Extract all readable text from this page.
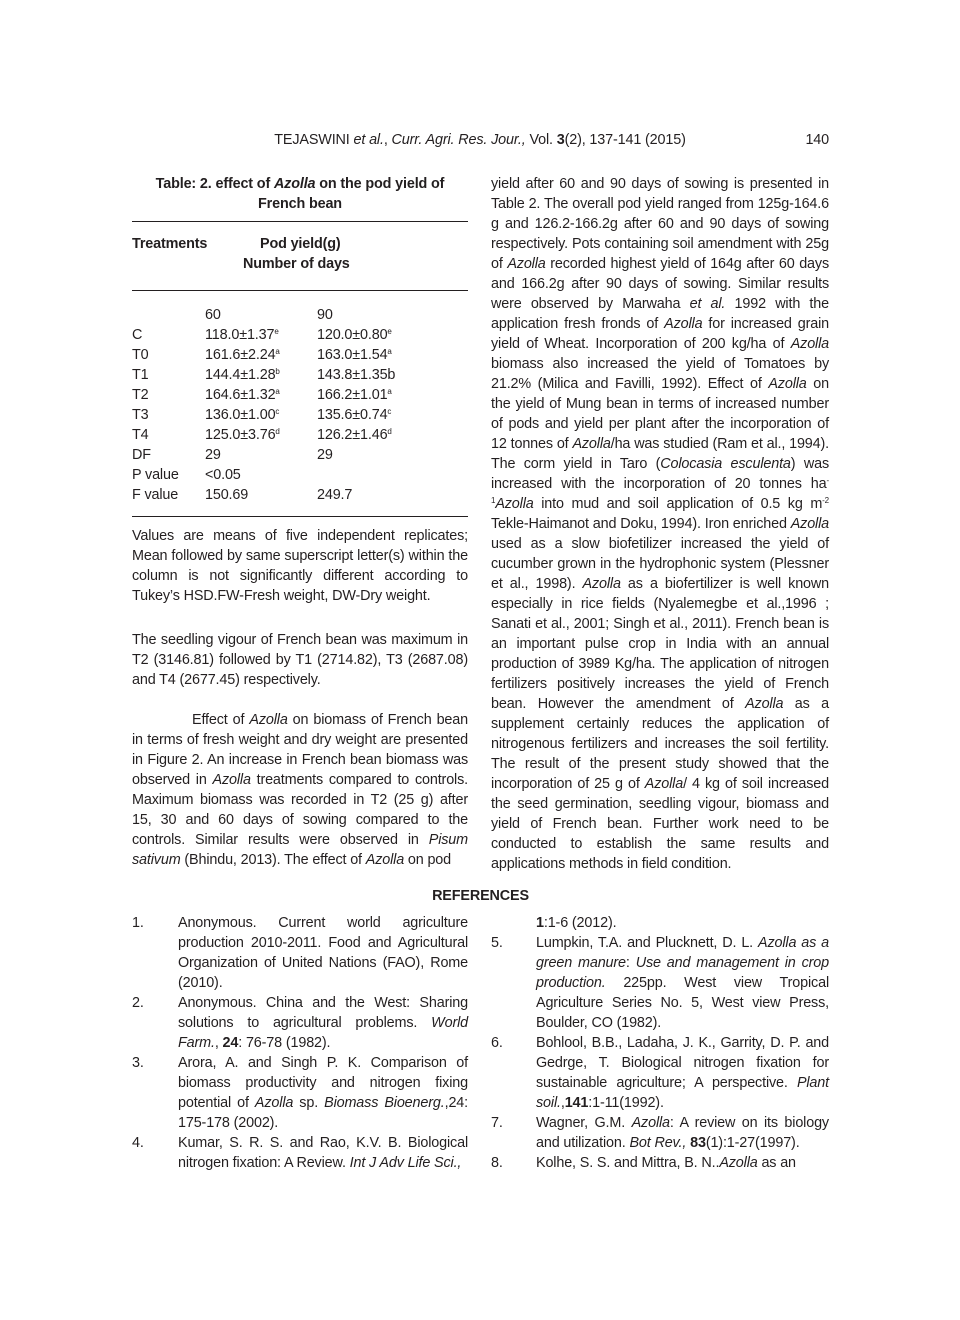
TEJASWINI et al., Curr. Agri. Res. Jour., Vol. 3(2), 137-141 (2015)	140
Table: 2. effect of Azolla on the pod yield of French bean
Treatments	Pod yield(g)
Number of days
60	90
C	118.0±1.37$^e$	120.0±0.80$^e$
T0	161.6±2.24$^a$	163.0±1.54$^a$
T1	144.4±1.28$^b$	143.8±1.35b
T2	164.6±1.32$^a$	166.2±1.01$^a$
T3	136.0±1.00$^c$	135.6±0.74$^c$
T4	125.0±3.76$^d$	126.2±1.46$^d$
DF	29	29
P value <0.05
F value 150.69	249.7
Values are means of five independent replicates; Mean followed by same superscript letter(s) within the column is not significantly different according to Tukey’s HSD.FW-Fresh weight, DW-Dry weight.
The seedling vigour of French bean was maximum in T2 (3146.81) followed by T1 (2714.82), T3 (2687.08) and T4 (2677.45) respectively.
Effect of Azolla on biomass of French bean in terms of fresh weight and dry weight are presented in Figure 2. An increase in French bean biomass was observed in Azolla treatments compared to controls. Maximum biomass was recorded in T2 (25 g) after 15, 30 and 60 days of sowing compared to the controls. Similar results were observed in Pisum sativum (Bhindu, 2013). The effect of Azolla on pod
yield after 60 and 90 days of sowing is presented in Table 2. The overall pod yield ranged from 125g-164.6 g and 126.2-166.2g after 60 and 90 days of sowing respectively. Pots containing soil amendment with 25g of Azolla recorded highest yield of 164g after 60 days and 166.2g after 90 days of sowing. Similar results were observed by Marwaha et al. 1992 with the application fresh fronds of Azolla for increased grain yield of Wheat. Incorporation of 200 kg/ha of Azolla biomass also increased the yield of Tomatoes by 21.2% (Milica and Favilli, 1992). Effect of Azolla on the yield of Mung bean in terms of increased number of pods and yield per plant after the incorporation of 12 tonnes of Azolla/ha was studied (Ram et al., 1994). The corm yield in Taro (Colocasia esculenta) was increased with the incorporation of 20 tonnes $ha^{-1}Azolla$ into mud and soil application of 0.5 kg $m^{-2}$ Tekle-Haimanot and Doku, 1994). Iron enriched Azolla used as a slow biofetilizer increased the yield of cucumber grown in the hydrophonic system (Plessner et al., 1998). Azolla as a biofertilizer is well known especially in rice fields (Nyalemegbe et al.,1996 ; Sanati et al., 2001; Singh et al., 2011). French bean is an important pulse crop in India with an annual production of 3989 Kg/ha. The application of nitrogen fertilizers positively increases the yield of French bean. However the amendment of Azolla as a supplement certainly reduces the application of nitrogenous fertilizers and increases the soil fertility. The result of the present study showed that the incorporation of 25 g of Azolla/ 4 kg of soil increased the seed germination, seedling vigour, biomass and yield of French bean. Further work need to be conducted to establish the same results and applications methods in field condition.
REFERENCES
1.	Anonymous. Current world agriculture production 2010-2011. Food and Agricultural Organization of United Nations (FAO), Rome (2010).
2.	Anonymous. China and the West: Sharing solutions to agricultural problems. World Farm., 24: 76-78 (1982).
3.	Arora, A. and Singh P. K. Comparison of biomass productivity and nitrogen fixing potential of Azolla sp. Biomass Bioenerg.,24: 175-178 (2002).
4.	Kumar, S. R. S. and Rao, K.V. B. Biological nitrogen fixation: A Review. Int J Adv Life Sci.,
1:1-6 (2012).
5.	Lumpkin, T.A. and Plucknett, D. L. Azolla as a green manure: Use and management in crop production. 225pp. West view Tropical Agriculture Series No. 5, West view Press, Boulder, CO (1982).
6.	Bohlool, B.B., Ladaha, J. K., Garrity, D. P. and Gedrge, T. Biological nitrogen fixation for sustainable agriculture; A perspective. Plant soil.,141:1-11(1992).
7.	Wagner, G.M. Azolla: A review on its biology and utilization. Bot Rev., 83(1):1-27(1997).
8.	Kolhe, S. S. and Mittra, B. N..Azolla as an
